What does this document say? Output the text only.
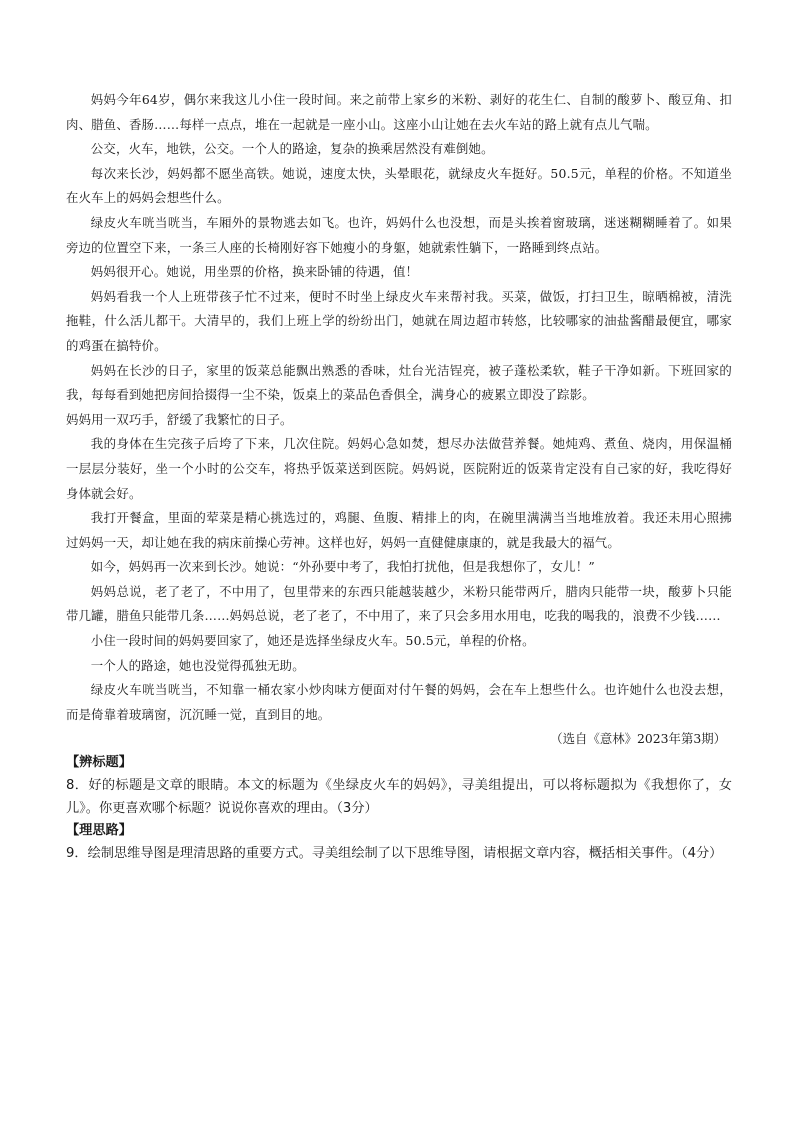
妈妈今年64岁，偶尔来我这儿小住一段时间。来之前带上家乡的米粉、剥好的花生仁、自制的酸萝卜、酸豆角、扣肉、腊鱼、香肠……每样一点点，堆在一起就是一座小山。这座小山让她在去火车站的路上就有点儿气喘。

公交，火车，地铁，公交。一个人的路途，复杂的换乘居然没有难倒她。

每次来长沙，妈妈都不愿坐高铁。她说，速度太快，头晕眼花，就绿皮火车挺好。50.5元，单程的价格。不知道坐在火车上的妈妈会想些什么。

绿皮火车咣当咣当，车厢外的景物逃去如飞。也许，妈妈什么也没想，而是头挨着窗玻璃，迷迷糊糊睡着了。如果旁边的位置空下来，一条三人座的长椅刚好容下她瘦小的身躯，她就索性躺下，一路睡到终点站。

妈妈很开心。她说，用坐票的价格，换来卧铺的待遇，值！

妈妈看我一个人上班带孩子忙不过来，便时不时坐上绿皮火车来帮衬我。买菜，做饭，打扫卫生，晾晒棉被，清洗拖鞋，什么活儿都干。大清早的，我们上班上学的纷纷出门，她就在周边超市转悠，比较哪家的油盐酱醋最便宜，哪家的鸡蛋在搞特价。

妈妈在长沙的日子，家里的饭菜总能飘出熟悉的香味，灶台光洁锃亮，被子蓬松柔软，鞋子干净如新。下班回家的我，每每看到她把房间拾掇得一尘不染，饭桌上的菜品色香俱全，满身心的疲累立即没了踪影。

妈妈用一双巧手，舒缓了我繁忙的日子。

我的身体在生完孩子后垮了下来，几次住院。妈妈心急如焚，想尽办法做营养餐。她炖鸡、煮鱼、烧肉，用保温桶一层层分装好，坐一个小时的公交车，将热乎饭菜送到医院。妈妈说，医院附近的饭菜肯定没有自己家的好，我吃得好身体就会好。

我打开餐盒，里面的荤菜是精心挑选过的，鸡腿、鱼腹、精排上的肉，在碗里满满当当地堆放着。我还未用心照拂过妈妈一天，却让她在我的病床前操心劳神。这样也好，妈妈一直健健康康的，就是我最大的福气。

如今，妈妈再一次来到长沙。她说：“外孙要中考了，我怕打扰他，但是我想你了，女儿！”

妈妈总说，老了老了，不中用了，包里带来的东西只能越装越少，米粉只能带两斤，腊肉只能带一块，酸萝卜只能带几罐，腊鱼只能带几条……妈妈总说，老了老了，不中用了，来了只会多用水用电，吃我的喝我的，浪费不少钱……

小住一段时间的妈妈要回家了，她还是选择坐绿皮火车。50.5元，单程的价格。

一个人的路途，她也没觉得孤独无助。

绿皮火车咣当咣当，不知靠一桶农家小炒肉味方便面对付午餐的妈妈，会在车上想些什么。也许她什么也没去想，而是倚靠着玻璃窗，沉沉睡一觉，直到目的地。

（选自《意林》2023年第3期）

【辨标题】

8．好的标题是文章的眼睛。本文的标题为《坐绿皮火车的妈妈》，寻美组提出，可以将标题拟为《我想你了，女儿》。你更喜欢哪个标题？说说你喜欢的理由。（3分）

【理思路】

9．绘制思维导图是理清思路的重要方式。寻美组绘制了以下思维导图，请根据文章内容，概括相关事件。（4分）
